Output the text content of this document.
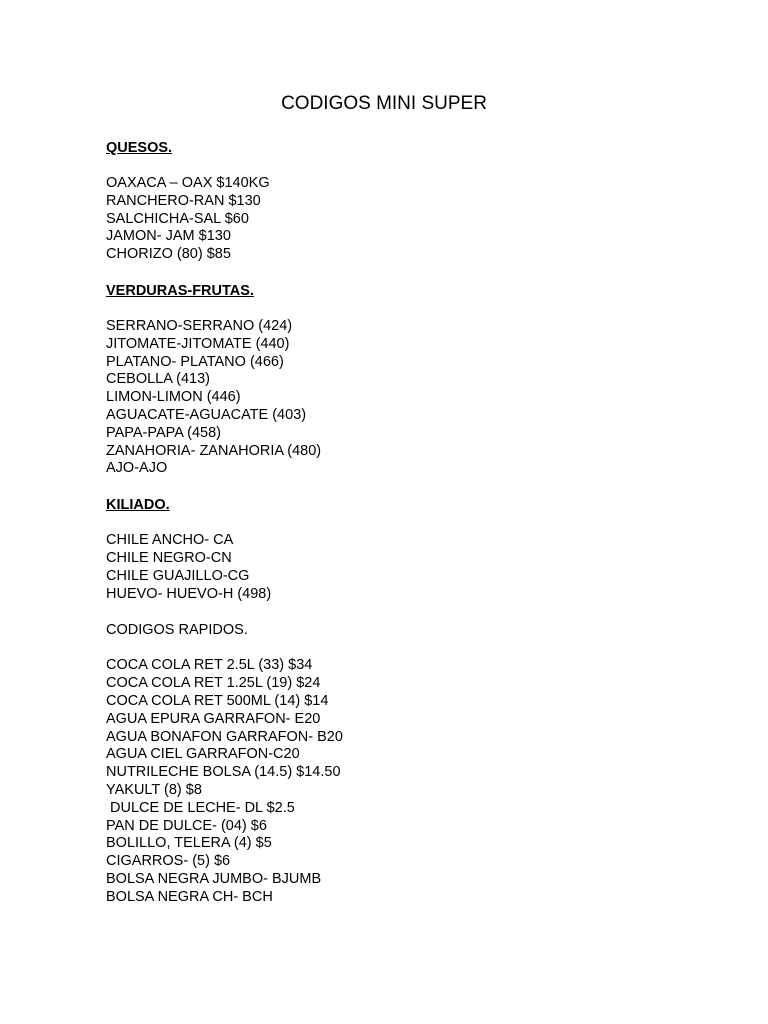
CODIGOS MINI SUPER
QUESOS.
OAXACA – OAX $140KG
RANCHERO-RAN $130
SALCHICHA-SAL $60
JAMON- JAM $130
CHORIZO (80) $85
VERDURAS-FRUTAS.
SERRANO-SERRANO (424)
JITOMATE-JITOMATE (440)
PLATANO- PLATANO (466)
CEBOLLA (413)
LIMON-LIMON (446)
AGUACATE-AGUACATE (403)
PAPA-PAPA (458)
ZANAHORIA- ZANAHORIA (480)
AJO-AJO
KILIADO.
CHILE ANCHO- CA
CHILE NEGRO-CN
CHILE GUAJILLO-CG
HUEVO- HUEVO-H (498)
CODIGOS RAPIDOS.
COCA COLA RET 2.5L (33) $34
COCA COLA RET 1.25L (19) $24
COCA COLA RET 500ML (14) $14
AGUA EPURA GARRAFON- E20
AGUA BONAFON GARRAFON- B20
AGUA CIEL GARRAFON-C20
NUTRILECHE BOLSA (14.5) $14.50
YAKULT (8) $8
DULCE DE LECHE- DL $2.5
PAN DE DULCE- (04) $6
BOLILLO, TELERA (4) $5
CIGARROS- (5) $6
BOLSA NEGRA JUMBO- BJUMB
BOLSA NEGRA CH- BCH
